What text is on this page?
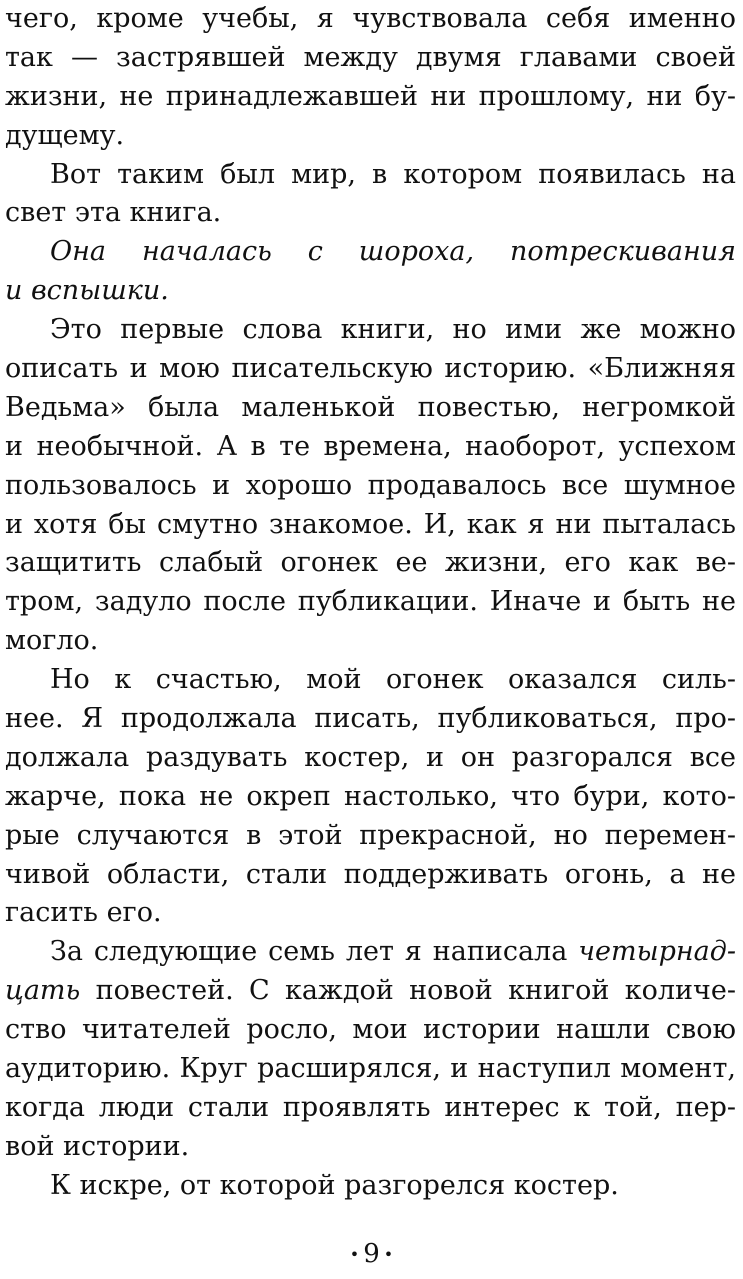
чего, кроме учебы, я чувствовала себя именно
так — застрявшей между двумя главами своей
жизни, не принадлежавшей ни прошлому, ни бу-
дущему.
Вот таким был мир, в котором появилась на
свет эта книга.
Она началась с шороха, потрескивания
и вспышки.
Это первые слова книги, но ими же можно
описать и мою писательскую историю. «Ближняя
Ведьма» была маленькой повестью, негромкой
и необычной. А в те времена, наоборот, успехом
пользовалось и хорошо продавалось все шумное
и хотя бы смутно знакомое. И, как я ни пыталась
защитить слабый огонек ее жизни, его как ве-
тром, задуло после публикации. Иначе и быть не
могло.
Но к счастью, мой огонек оказался силь-
нее. Я продолжала писать, публиковаться, про-
должала раздувать костер, и он разгорался все
жарче, пока не окреп настолько, что бури, кото-
рые случаются в этой прекрасной, но перемен-
чивой области, стали поддерживать огонь, а не
гасить его.
За следующие семь лет я написала четырнад-
цать повестей. С каждой новой книгой количе-
ство читателей росло, мои истории нашли свою
аудиторию. Круг расширялся, и наступил момент,
когда люди стали проявлять интерес к той, пер-
вой истории.
К искре, от которой разгорелся костер.
• 9 •
